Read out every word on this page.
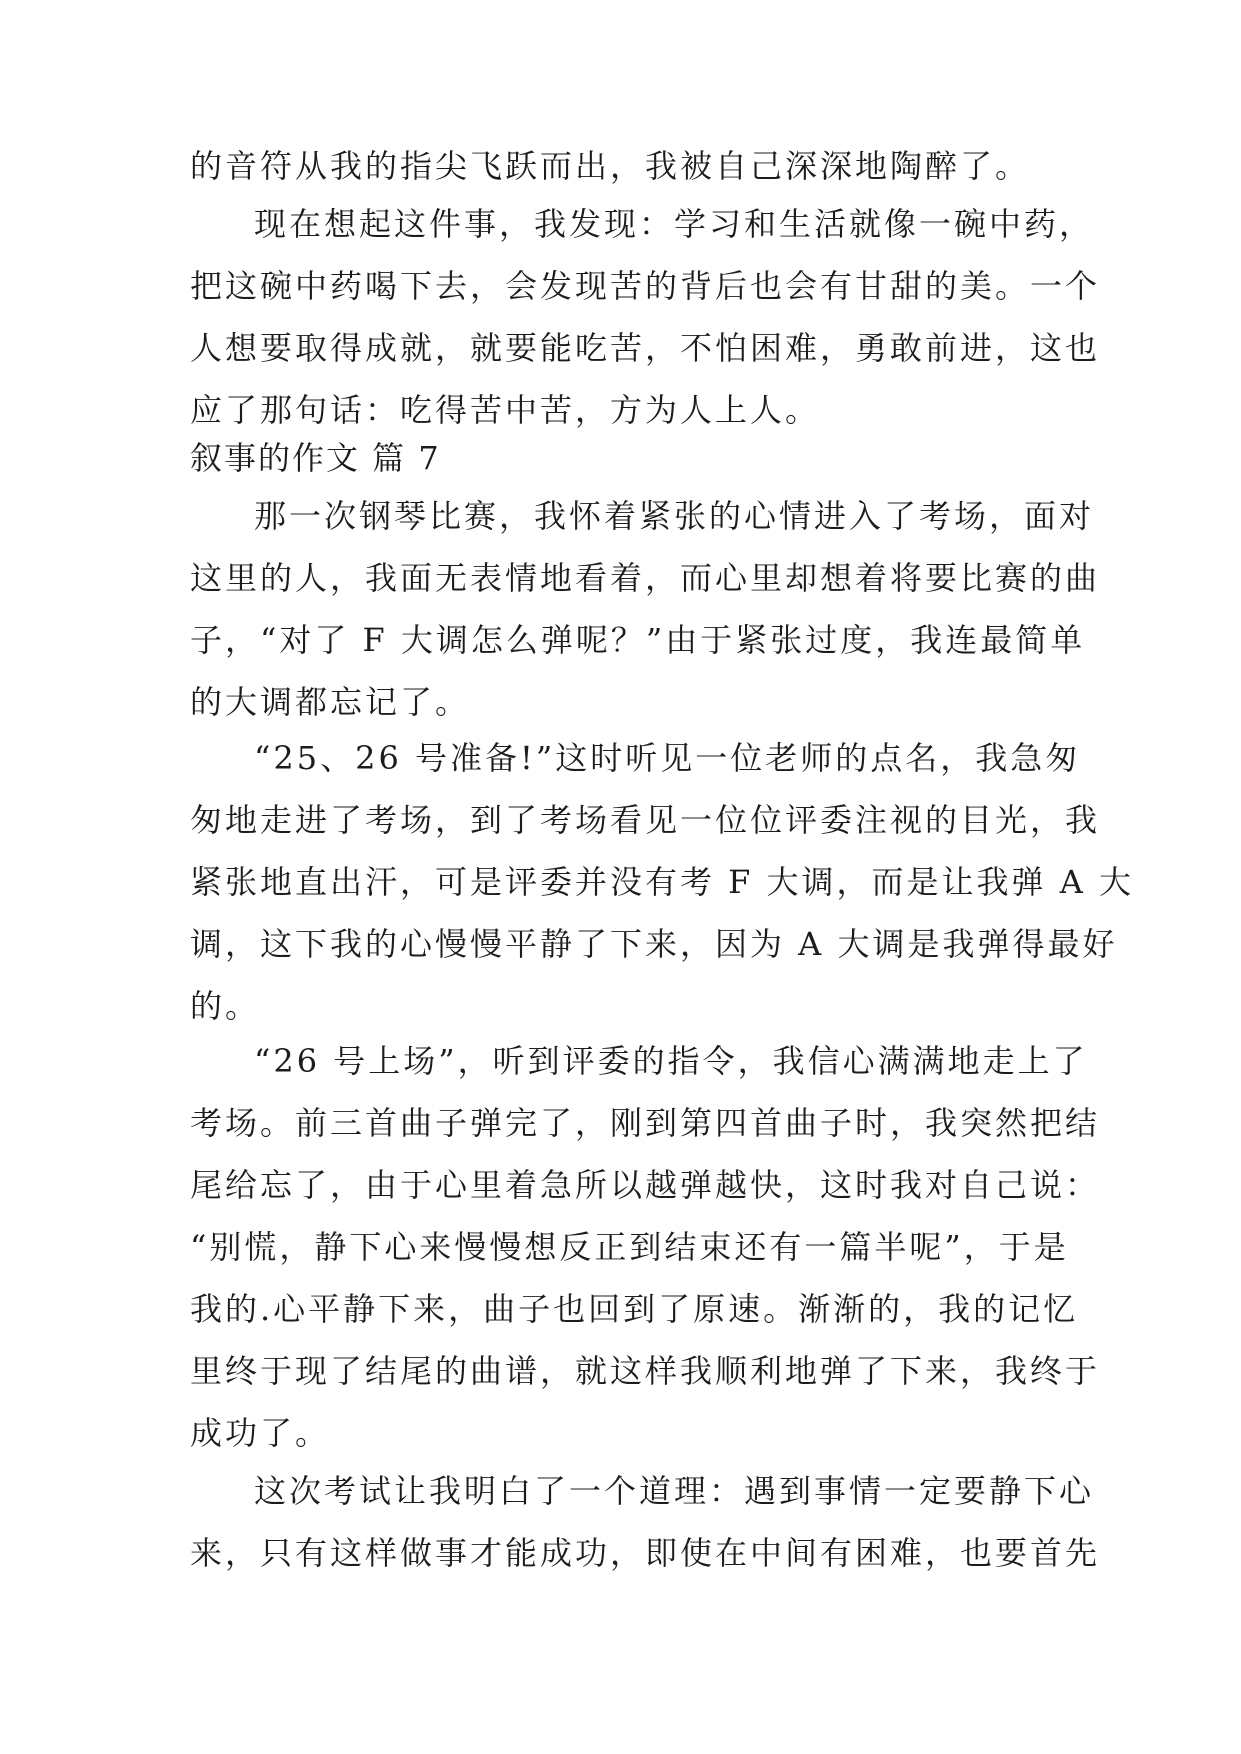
的音符从我的指尖飞跃而出，我被自己深深地陶醉了。
现在想起这件事，我发现：学习和生活就像一碗中药，
把这碗中药喝下去，会发现苦的背后也会有甘甜的美。一个
人想要取得成就，就要能吃苦，不怕困难，勇敢前进，这也
应了那句话：吃得苦中苦，方为人上人。
叙事的作文 篇 7
那一次钢琴比赛，我怀着紧张的心情进入了考场，面对
这里的人，我面无表情地看着，而心里却想着将要比赛的曲
子，“对了 F 大调怎么弹呢？”由于紧张过度，我连最简单
的大调都忘记了。
“25、26 号准备!”这时听见一位老师的点名，我急匆
匆地走进了考场，到了考场看见一位位评委注视的目光，我
紧张地直出汗，可是评委并没有考 F 大调，而是让我弹 A 大
调，这下我的心慢慢平静了下来，因为 A 大调是我弹得最好
的。
“26 号上场”，听到评委的指令，我信心满满地走上了
考场。前三首曲子弹完了，刚到第四首曲子时，我突然把结
尾给忘了，由于心里着急所以越弹越快，这时我对自己说：
“别慌，静下心来慢慢想反正到结束还有一篇半呢”，于是
我的.心平静下来，曲子也回到了原速。渐渐的，我的记忆
里终于现了结尾的曲谱，就这样我顺利地弹了下来，我终于
成功了。
这次考试让我明白了一个道理：遇到事情一定要静下心
来，只有这样做事才能成功，即使在中间有困难，也要首先
